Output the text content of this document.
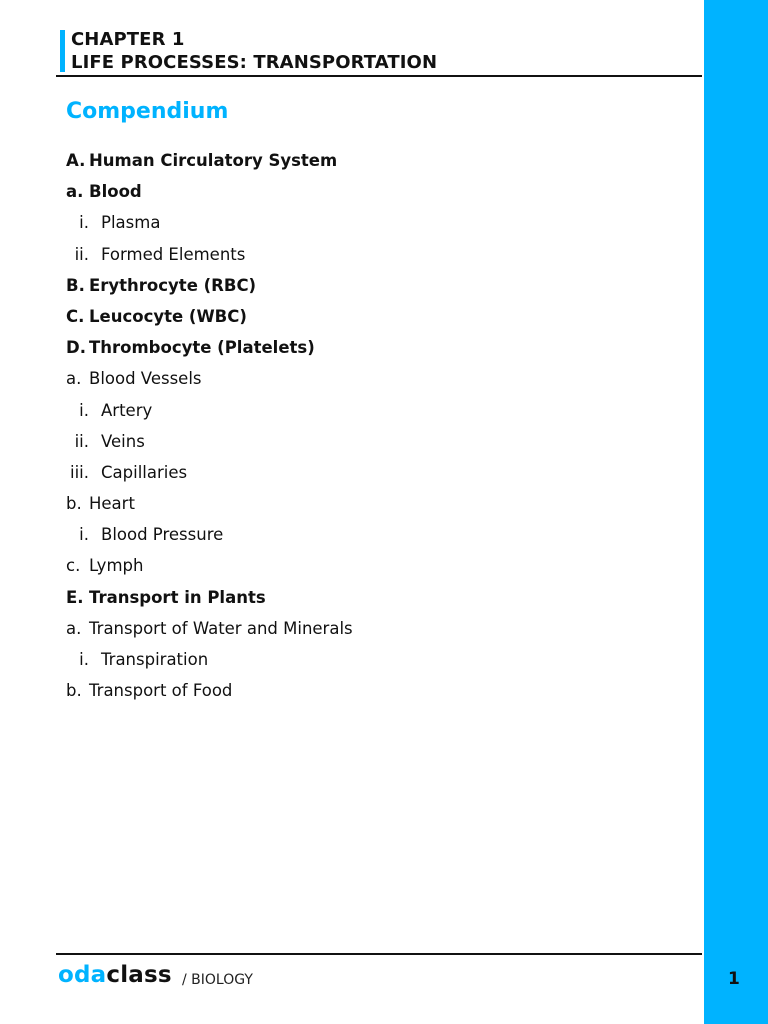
CHAPTER 1
LIFE PROCESSES: TRANSPORTATION
Compendium
A. Human Circulatory System
a. Blood
i. Plasma
ii. Formed Elements
B. Erythrocyte (RBC)
C. Leucocyte (WBC)
D. Thrombocyte (Platelets)
a. Blood Vessels
i. Artery
ii. Veins
iii. Capillaries
b. Heart
i. Blood Pressure
c. Lymph
E. Transport in Plants
a. Transport of Water and Minerals
i. Transpiration
b. Transport of Food
odaclass / BIOLOGY	1
